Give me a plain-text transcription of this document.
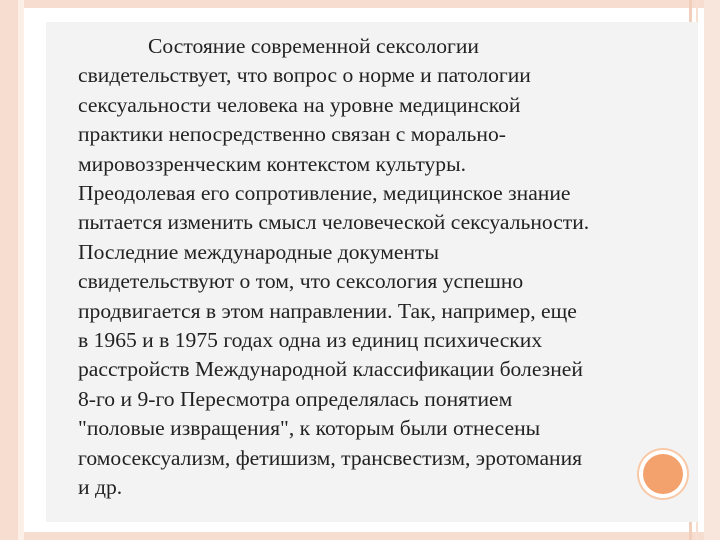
Состояние современной сексологии
свидетельствует, что вопрос о норме и патологии
сексуальности человека на уровне медицинской
практики непосредственно связан с морально-
мировоззренческим контекстом культуры.
Преодолевая его сопротивление, медицинское знание
пытается изменить смысл человеческой сексуальности.
Последние международные документы
свидетельствуют о том, что сексология успешно
продвигается в этом направлении. Так, например, еще
в 1965 и в 1975 годах одна из единиц психических
расстройств Международной классификации болезней
8-го и 9-го Пересмотра определялась понятием
"половые извращения", к которым были отнесены
гомосексуализм, фетишизм, трансвестизм, эротомания
и др.
